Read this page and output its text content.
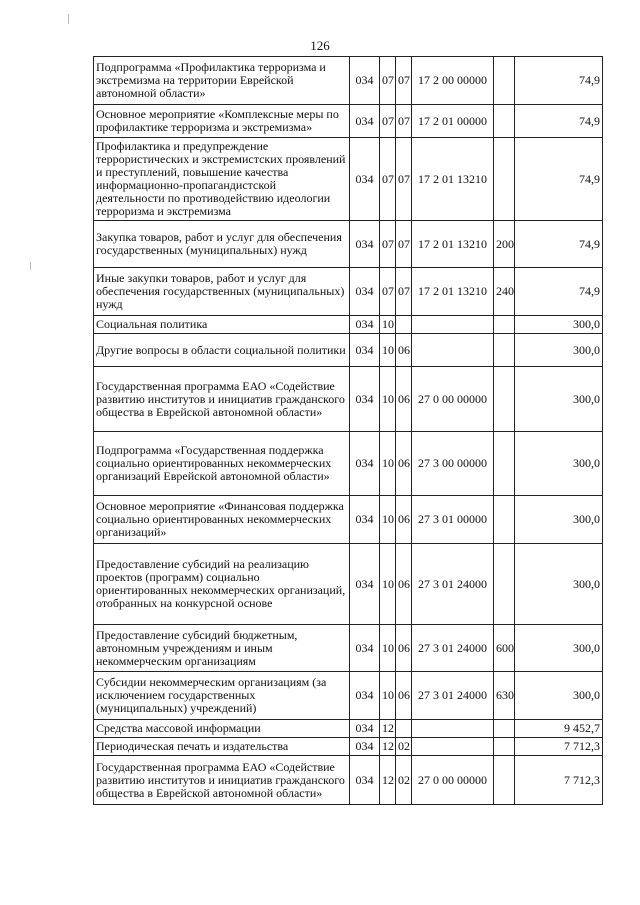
126
Подпрограмма «Профилактика терроризма и экстремизма на территории Еврейской автономной области»	034	07	07	17 2 00 00000		74,9
Основное мероприятие «Комплексные меры по профилактике терроризма и экстремизма»	034	07	07	17 2 01 00000		74,9
Профилактика и предупреждение террористических и экстремистских проявлений и преступлений, повышение качества информационно-пропагандистской деятельности по противодействию идеологии терроризма и экстремизма	034	07	07	17 2 01 13210		74,9
Закупка товаров, работ и услуг для обеспечения государственных (муниципальных) нужд	034	07	07	17 2 01 13210	200	74,9
Иные закупки товаров, работ и услуг для обеспечения государственных (муниципальных) нужд	034	07	07	17 2 01 13210	240	74,9
Социальная политика	034	10				300,0
Другие вопросы в области социальной политики	034	10	06			300,0
Государственная программа ЕАО «Содействие развитию институтов и инициатив гражданского общества в Еврейской автономной области»	034	10	06	27 0 00 00000		300,0
Подпрограмма «Государственная поддержка социально ориентированных некоммерческих организаций Еврейской автономной области»	034	10	06	27 3 00 00000		300,0
Основное мероприятие «Финансовая поддержка социально ориентированных некоммерческих организаций»	034	10	06	27 3 01 00000		300,0
Предоставление субсидий на реализацию проектов (программ) социально ориентированных некоммерческих организаций, отобранных на конкурсной основе	034	10	06	27 3 01 24000		300,0
Предоставление субсидий бюджетным, автономным учреждениям и иным некоммерческим организациям	034	10	06	27 3 01 24000	600	300,0
Субсидии некоммерческим организациям (за исключением государственных (муниципальных) учреждений)	034	10	06	27 3 01 24000	630	300,0
Средства массовой информации	034	12				9 452,7
Периодическая печать и издательства	034	12	02			7 712,3
Государственная программа ЕАО «Содействие развитию институтов и инициатив гражданского общества в Еврейской автономной области»	034	12	02	27 0 00 00000		7 712,3
